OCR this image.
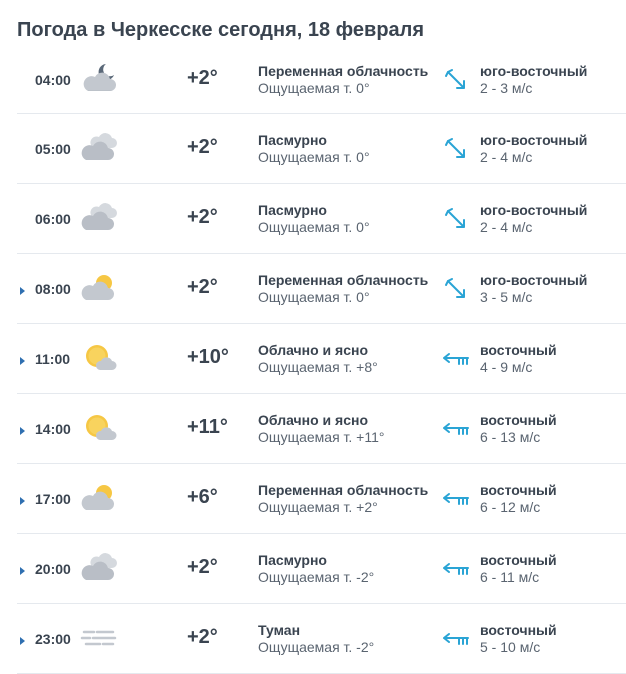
Погода в Черкесске сегодня, 18 февраля
04:00	+2°	Переменная облачность
Ощущаемая т. 0°
юго-восточный
2 - 3 м/с
05:00	+2°	Пасмурно
Ощущаемая т. 0°
юго-восточный
2 - 4 м/с
06:00	+2°	Пасмурно
Ощущаемая т. 0°
юго-восточный
2 - 4 м/с
08:00	+2°	Переменная облачность
Ощущаемая т. 0°
юго-восточный
3 - 5 м/с
11:00	+10° Облачно и ясно
Ощущаемая т. +8°
восточный
4 - 9 м/с
14:00	+11° Облачно и ясно
Ощущаемая т. +11°
восточный
6 - 13 м/с
17:00	+6°	Переменная облачность
Ощущаемая т. +2°
восточный
6 - 12 м/с
20:00	+2°	Пасмурно
Ощущаемая т. -2°
восточный
6 - 11 м/с
23:00	+2°	Туман
Ощущаемая т. -2°
восточный
5 - 10 м/с
